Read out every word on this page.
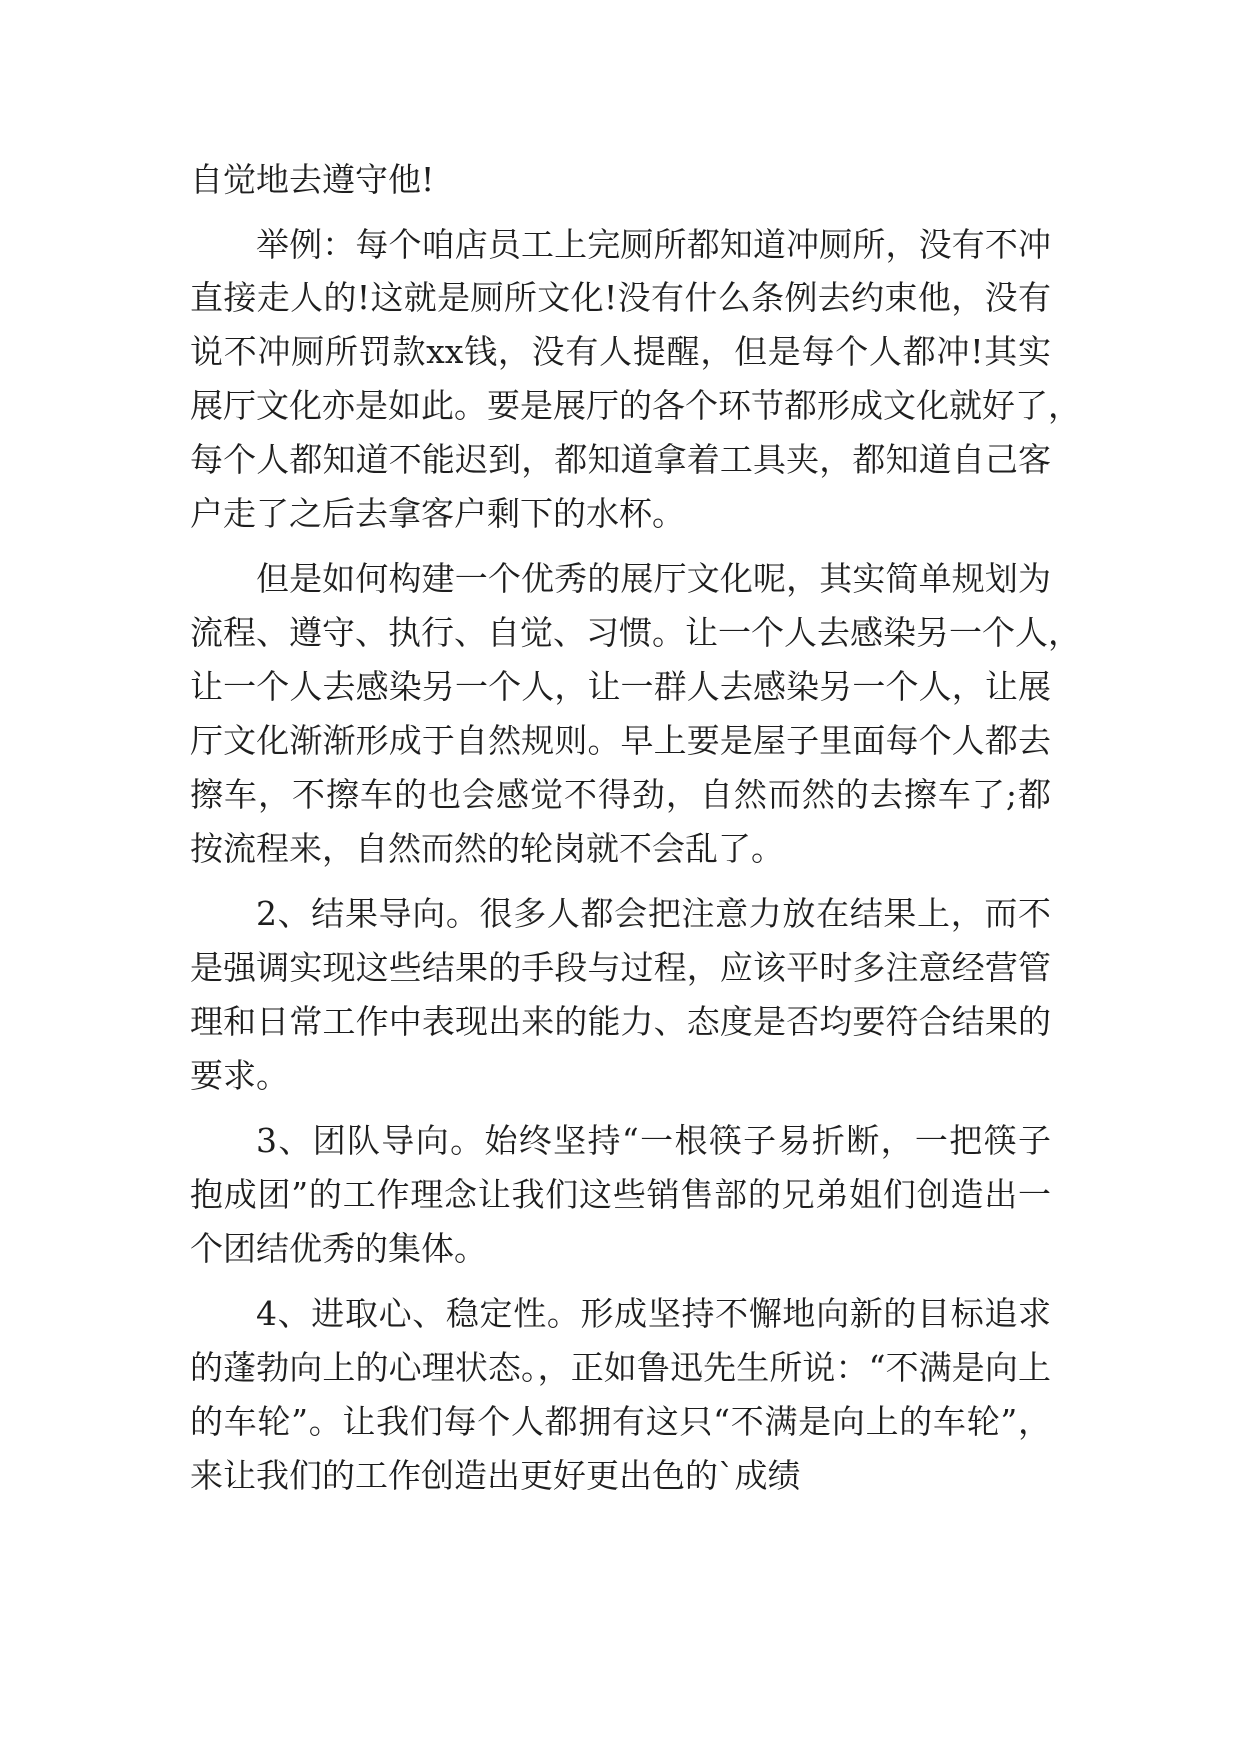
自觉地去遵守他!
举例：每个咱店员工上完厕所都知道冲厕所，没有不冲
直接走人的!这就是厕所文化!没有什么条例去约束他，没有
说不冲厕所罚款xx钱，没有人提醒，但是每个人都冲!其实
展厅文化亦是如此。要是展厅的各个环节都形成文化就好了，
每个人都知道不能迟到，都知道拿着工具夹，都知道自己客
户走了之后去拿客户剩下的水杯。
但是如何构建一个优秀的展厅文化呢，其实简单规划为
流程、遵守、执行、自觉、习惯。让一个人去感染另一个人，
让一个人去感染另一个人，让一群人去感染另一个人，让展
厅文化渐渐形成于自然规则。早上要是屋子里面每个人都去
擦车，不擦车的也会感觉不得劲，自然而然的去擦车了;都
按流程来，自然而然的轮岗就不会乱了。
2、结果导向。很多人都会把注意力放在结果上，而不
是强调实现这些结果的手段与过程，应该平时多注意经营管
理和日常工作中表现出来的能力、态度是否均要符合结果的
要求。
3、团队导向。始终坚持“一根筷子易折断，一把筷子
抱成团”的工作理念让我们这些销售部的兄弟姐们创造出一
个团结优秀的集体。
4、进取心、稳定性。形成坚持不懈地向新的目标追求
的蓬勃向上的心理状态。，正如鲁迅先生所说：“不满是向上
的车轮”。让我们每个人都拥有这只“不满是向上的车轮”，
来让我们的工作创造出更好更出色的`成绩
